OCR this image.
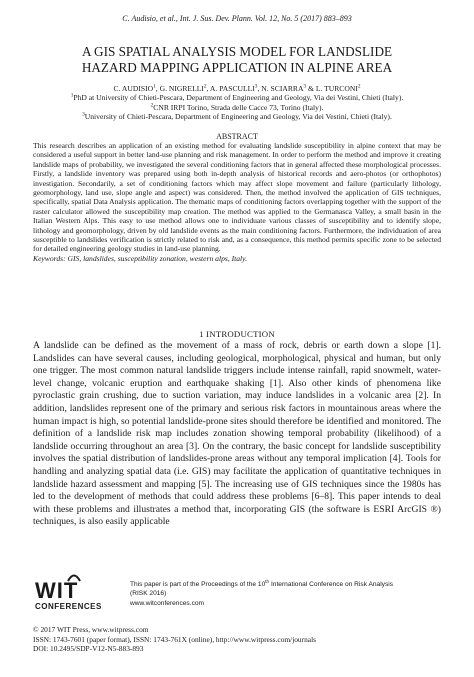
C. Audisio, et al., Int. J. Sus. Dev. Plann. Vol. 12, No. 5 (2017) 883–893
A GIS SPATIAL ANALYSIS MODEL FOR LANDSLIDE
HAZARD MAPPING APPLICATION IN ALPINE AREA
C. AUDISIO$^1$, G. NIGRELLI$^2$, A. PASCULLI$^3$, N. SCIARRA$^3$ & L. TURCONI$^2$
$^1$PhD at University of Chieti-Pescara, Department of Engineering and Geology, Via dei Vestini, Chieti (Italy).
$^2$CNR IRPI Torino, Strada delle Cacce 73, Torino (Italy).
$^3$University of Chieti-Pescara, Department of Engineering and Geology, Via dei Vestini, Chieti (Italy).
ABSTRACT
This research describes an application of an existing method for evaluating landslide susceptibility in alpine context that may be considered a useful support in better land-use planning and risk management. In order to perform the method and improve it creating landslide maps of probability, we investigated the several conditioning factors that in general affected these morphological processes. Firstly, a landslide inventory was prepared using both in-depth analysis of historical records and aero-photos (or orthophotos) investigation. Secondarily, a set of conditioning factors which may affect slope movement and failure (particularly lithology, geomorphology, land use, slope angle and aspect) was considered. Then, the method involved the application of GIS techniques, specifically, spatial Data Analysis application. The thematic maps of conditioning factors overlapping together with the support of the raster calculator allowed the susceptibility map creation. The method was applied to the Germanasca Valley, a small basin in the Italian Western Alps. This easy to use method allows one to individuate various classes of susceptibility and to identify slope, lithology and geomorphology, driven by old landslide events as the main conditioning factors. Furthermore, the individuation of area susceptible to landslides verification is strictly related to risk and, as a consequence, this method permits specific zone to be selected for detailed engineering geology studies in land-use planning.
Keywords: GIS, landslides, susceptibility zonation, western alps, Italy.
1 INTRODUCTION
A landslide can be defined as the movement of a mass of rock, debris or earth down a slope [1]. Landslides can have several causes, including geological, morphological, physical and human, but only one trigger. The most common natural landslide triggers include intense rainfall, rapid snowmelt, water-level change, volcanic eruption and earthquake shaking [1]. Also other kinds of phenomena like pyroclastic grain crushing, due to suction variation, may induce landslides in a volcanic area [2]. In addition, landslides represent one of the primary and serious risk factors in mountainous areas where the human impact is high, so potential landslide-prone sites should therefore be identified and monitored. The definition of a landslide risk map includes zonation showing temporal probability (likelihood) of a landslide occurring throughout an area [3]. On the contrary, the basic concept for landslide susceptibility involves the spatial distribution of landslides-prone areas without any temporal implication [4]. Tools for handling and analyzing spatial data (i.e. GIS) may facilitate the application of quantitative techniques in landslide hazard assessment and mapping [5]. The increasing use of GIS techniques since the 1980s has led to the development of methods that could address these problems [6–8]. This paper intends to deal with these problems and illustrates a method that, incorporating GIS (the software is ESRI ArcGIS ®) techniques, is also easily applicable
WIT
CONFERENCES
This paper is part of the Proceedings of the 10th International Conference on Risk Analysis
(RISK 2016)
www.witconferences.com
© 2017 WIT Press, www.witpress.com
ISSN: 1743-7601 (paper format), ISSN: 1743-761X (online), http://www.witpress.com/journals
DOI: 10.2495/SDP-V12-N5-883-893
